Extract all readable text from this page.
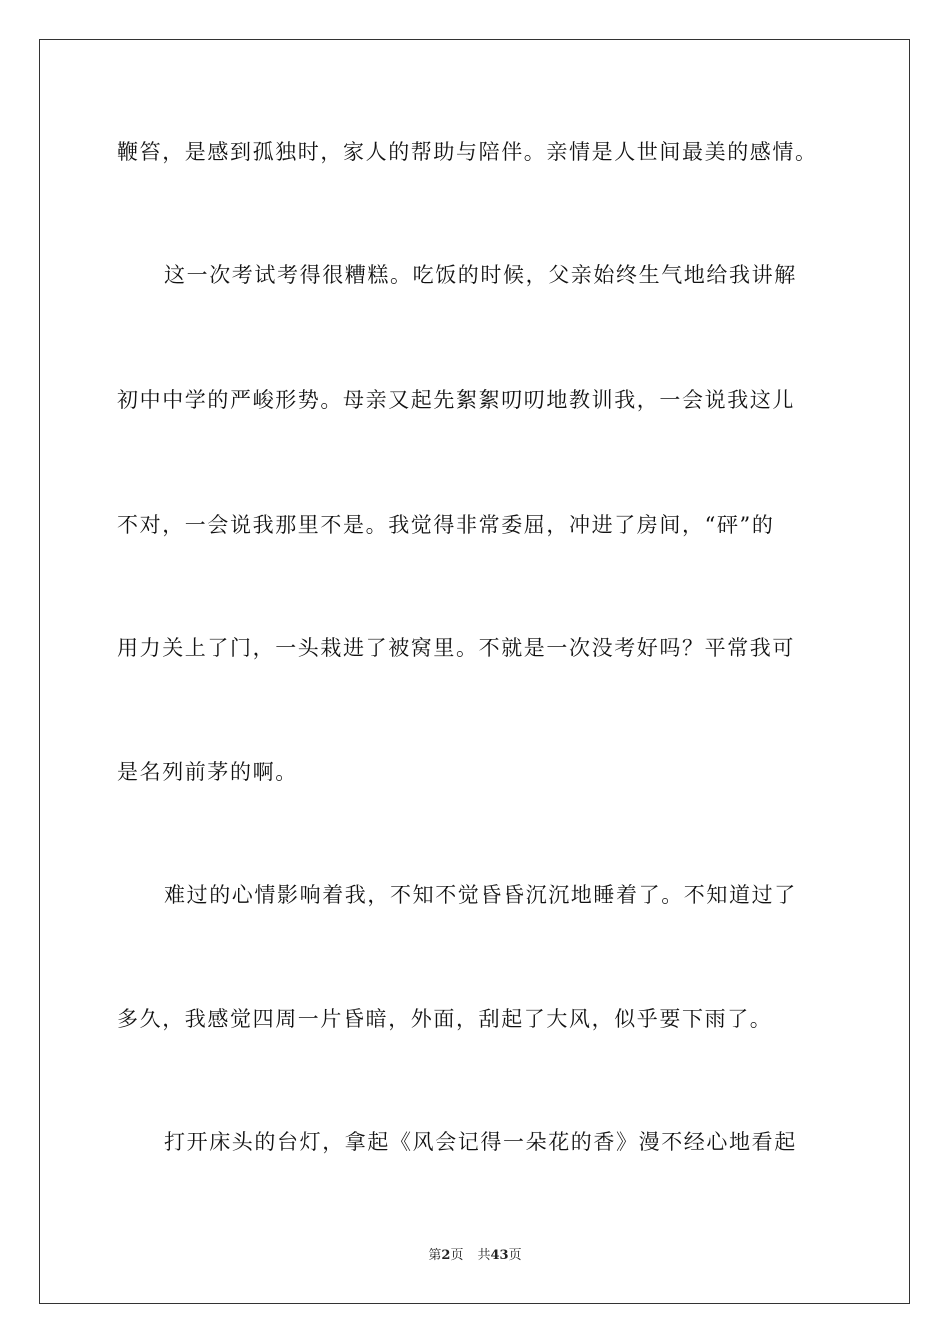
鞭笞，是感到孤独时，家人的帮助与陪伴。亲情是人世间最美的感情。
这一次考试考得很糟糕。吃饭的时候，父亲始终生气地给我讲解
初中中学的严峻形势。母亲又起先絮絮叨叨地教训我，一会说我这儿
不对，一会说我那里不是。我觉得非常委屈，冲进了房间，“砰”的
用力关上了门，一头栽进了被窝里。不就是一次没考好吗？平常我可
是名列前茅的啊。
难过的心情影响着我，不知不觉昏昏沉沉地睡着了。不知道过了
多久，我感觉四周一片昏暗，外面，刮起了大风，似乎要下雨了。
打开床头的台灯，拿起《风会记得一朵花的香》漫不经心地看起
第2页 共43页
